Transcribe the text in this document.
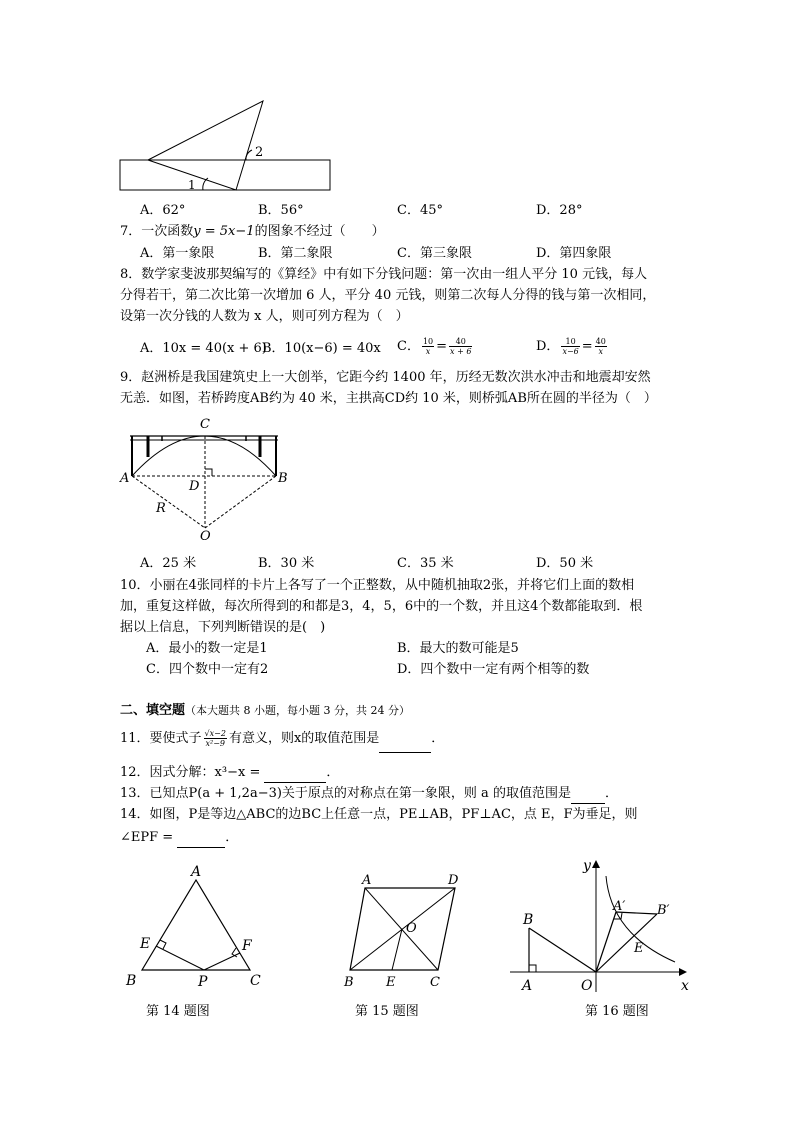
1
2
A．62°	B．56°	C．45°	D．28°
7．一次函数y = 5x−1的图象不经过（　　）
A．第一象限	B．第二象限	C．第三象限	D．第四象限
8．数学家斐波那契编写的《算经》中有如下分钱问题：第一次由一组人平分 10 元钱，每人
分得若干，第二次比第一次增加 6 人，平分 40 元钱，则第二次每人分得的钱与第一次相同，
设第一次分钱的人数为 x 人，则可列方程为（　）
A．10x = 40(x + 6)
B．10(x−6) = 40x C． $\frac{10}{x} = \frac{40}{x + 6}$	D． $\frac{10}{x-6} = \frac{40}{x}$
9．赵洲桥是我国建筑史上一大创举，它距今约 1400 年，历经无数次洪水冲击和地震却安然
无恙．如图，若桥跨度AB约为 40 米，主拱高CD约 10 米，则桥弧AB所在圆的半径为（　）
C
A	B
D
R
O
A．25 米	B．30 米	C．35 米	D．50 米
10．小丽在4张同样的卡片上各写了一个正整数，从中随机抽取2张，并将它们上面的数相
加，重复这样做，每次所得到的和都是3，4，5，6中的一个数，并且这4个数都能取到．根
据以上信息，下列判断错误的是(　)
A．最小的数一定是1	B．最大的数可能是5
C．四个数中一定有2	D．四个数中一定有两个相等的数
二、填空题（本大题共 8 小题，每小题 3 分，共 24 分）
11．要使式子 $\frac{√x-2}{\text{x²−9}}$ 有意义，则x的取值范围是	．
12．因式分解：x³−x =	．
13．已知点P(a + 1,2a−3)关于原点的对称点在第一象限，则 a 的取值范围是	．
14．如图，P是等边△ABC的边BC上任意一点，PE⊥AB，PF⊥AC，点 E，F为垂足，则
∠EPF =	．
A
B	C
E	F
P
第 14 题图
A	D
B E	C
O
第 15 题图
y
x
O
A
B
A′ B′
E
第 16 题图
